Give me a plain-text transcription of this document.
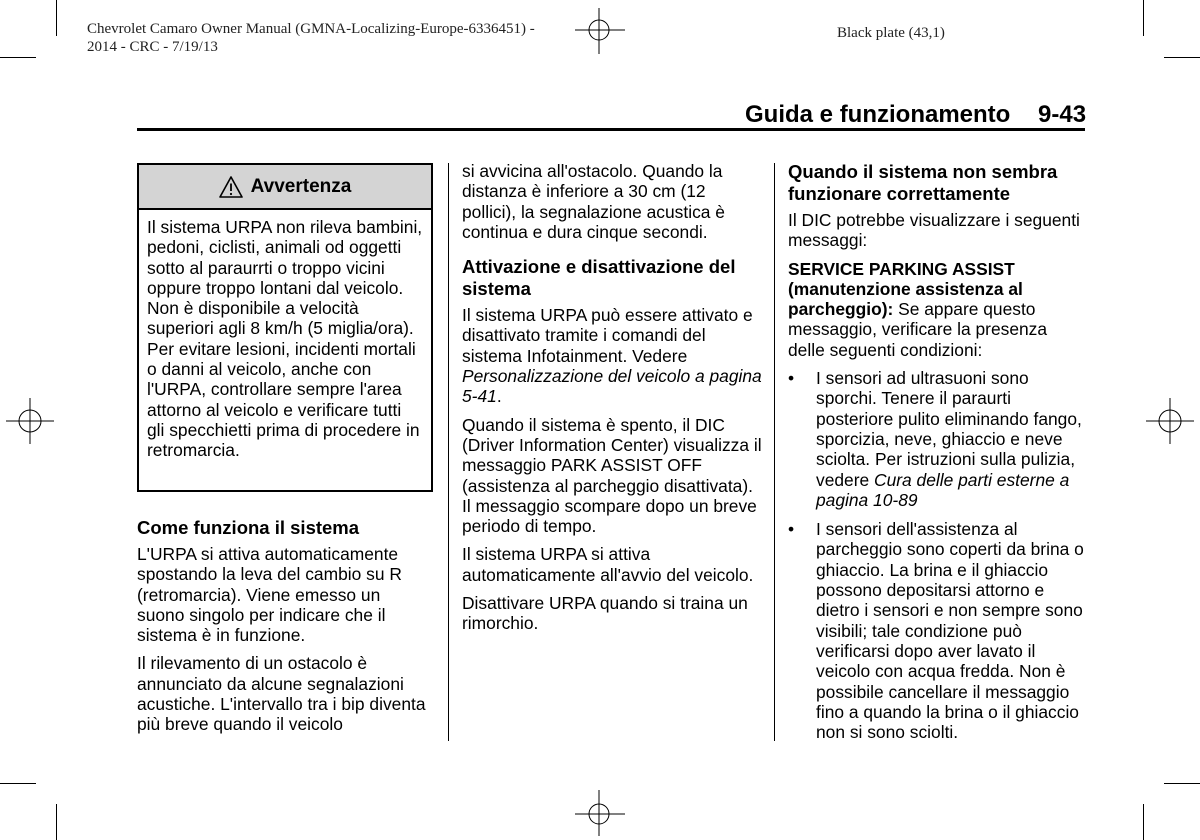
Chevrolet Camaro Owner Manual (GMNA-Localizing-Europe-6336451) -
2014 - CRC - 7/19/13
Black plate (43,1)
Guida e funzionamento 9-43
Avvertenza
Il sistema URPA non rileva bambini, pedoni, ciclisti, animali od oggetti sotto al paraurrti o troppo vicini oppure troppo lontani dal veicolo. Non è disponibile a velocità superiori agli 8 km/h (5 miglia/ora). Per evitare lesioni, incidenti mortali o danni al veicolo, anche con l'URPA, controllare sempre l'area attorno al veicolo e verificare tutti gli specchietti prima di procedere in retromarcia.
Come funziona il sistema

L'URPA si attiva automaticamente spostando la leva del cambio su R (retromarcia). Viene emesso un suono singolo per indicare che il sistema è in funzione.

Il rilevamento di un ostacolo è annunciato da alcune segnalazioni acustiche. L'intervallo tra i bip diventa più breve quando il veicolo

si avvicina all'ostacolo. Quando la distanza è inferiore a 30 cm (12 pollici), la segnalazione acustica è continua e dura cinque secondi.

Attivazione e disattivazione del sistema

Il sistema URPA può essere attivato e disattivato tramite i comandi del sistema Infotainment. Vedere Personalizzazione del veicolo a pagina 5-41.

Quando il sistema è spento, il DIC (Driver Information Center) visualizza il messaggio PARK ASSIST OFF (assistenza al parcheggio disattivata). Il messaggio scompare dopo un breve periodo di tempo.

Il sistema URPA si attiva automaticamente all'avvio del veicolo.

Disattivare URPA quando si traina un rimorchio.

Quando il sistema non sembra funzionare correttamente

Il DIC potrebbe visualizzare i seguenti messaggi:

SERVICE PARKING ASSIST (manutenzione assistenza al parcheggio): Se appare questo messaggio, verificare la presenza delle seguenti condizioni:

• I sensori ad ultrasuoni sono sporchi. Tenere il paraurti posteriore pulito eliminando fango, sporcizia, neve, ghiaccio e neve sciolta. Per istruzioni sulla pulizia, vedere Cura delle parti esterne a pagina 10-89
• I sensori dell'assistenza al parcheggio sono coperti da brina o ghiaccio. La brina e il ghiaccio possono depositarsi attorno e dietro i sensori e non sempre sono visibili; tale condizione può verificarsi dopo aver lavato il veicolo con acqua fredda. Non è possibile cancellare il messaggio fino a quando la brina o il ghiaccio non si sono sciolti.
